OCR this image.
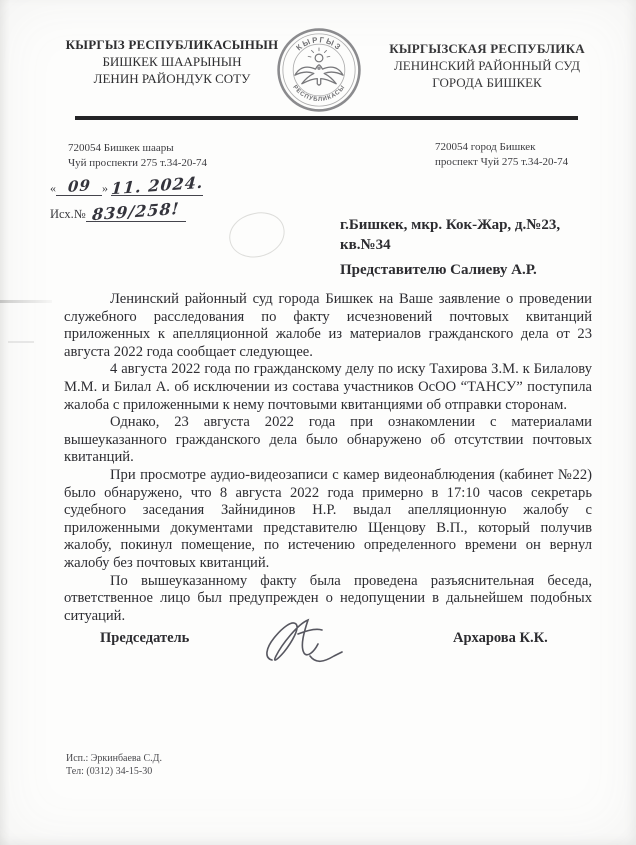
КЫРГЫЗ РЕСПУБЛИКАСЫНЫН
БИШКЕК ШААРЫНЫН
ЛЕНИН РАЙОНДУК СОТУ
КЫРГЫЗ
РЕСПУБЛИКАСЫ
КЫРГЫЗСКАЯ РЕСПУБЛИКА
ЛЕНИНСКИЙ РАЙОННЫЙ СУД
ГОРОДА БИШКЕК
720054 Бишкек шаары
Чуй проспекти 275 т.34-20-74
720054 город Бишкек
проспект Чуй 275 т.34-20-74
« 09 » 11. 2024.
Исх.№ 839/258!
г.Бишкек, мкр. Кок-Жар, д.№23,
кв.№34
Представителю Салиеву А.Р.

Ленинский районный суд города Бишкек на Ваше заявление о проведении служебного расследования по факту исчезновений почтовых квитанций приложенных к апелляционной жалобе из материалов гражданского дела от 23 августа 2022 года сообщает следующее.

4 августа 2022 года по гражданскому делу по иску Тахирова З.М. к Билалову М.М. и Билал А. об исключении из состава участников ОсОО “ТАНСУ” поступила жалоба с приложенными к нему почтовыми квитанциями об отправки сторонам.

Однако, 23 августа 2022 года при ознакомлении с материалами вышеуказанного гражданского дела было обнаружено об отсутствии почтовых квитанций.

При просмотре аудио-видеозаписи с камер видеонаблюдения (кабинет №22) было обнаружено, что 8 августа 2022 года примерно в 17:10 часов секретарь судебного заседания Зайнидинов Н.Р. выдал апелляционную жалобу с приложенными документами представителю Щенцову В.П., который получив жалобу, покинул помещение, по истечению определенного времени он вернул жалобу без почтовых квитанций.

По вышеуказанному факту была проведена разъяснительная беседа, ответственное лицо был предупрежден о недопущении в дальнейшем подобных ситуаций.

Председатель	Архарова К.К.
Исп.: Эркинбаева С.Д.
Тел: (0312) 34-15-30
